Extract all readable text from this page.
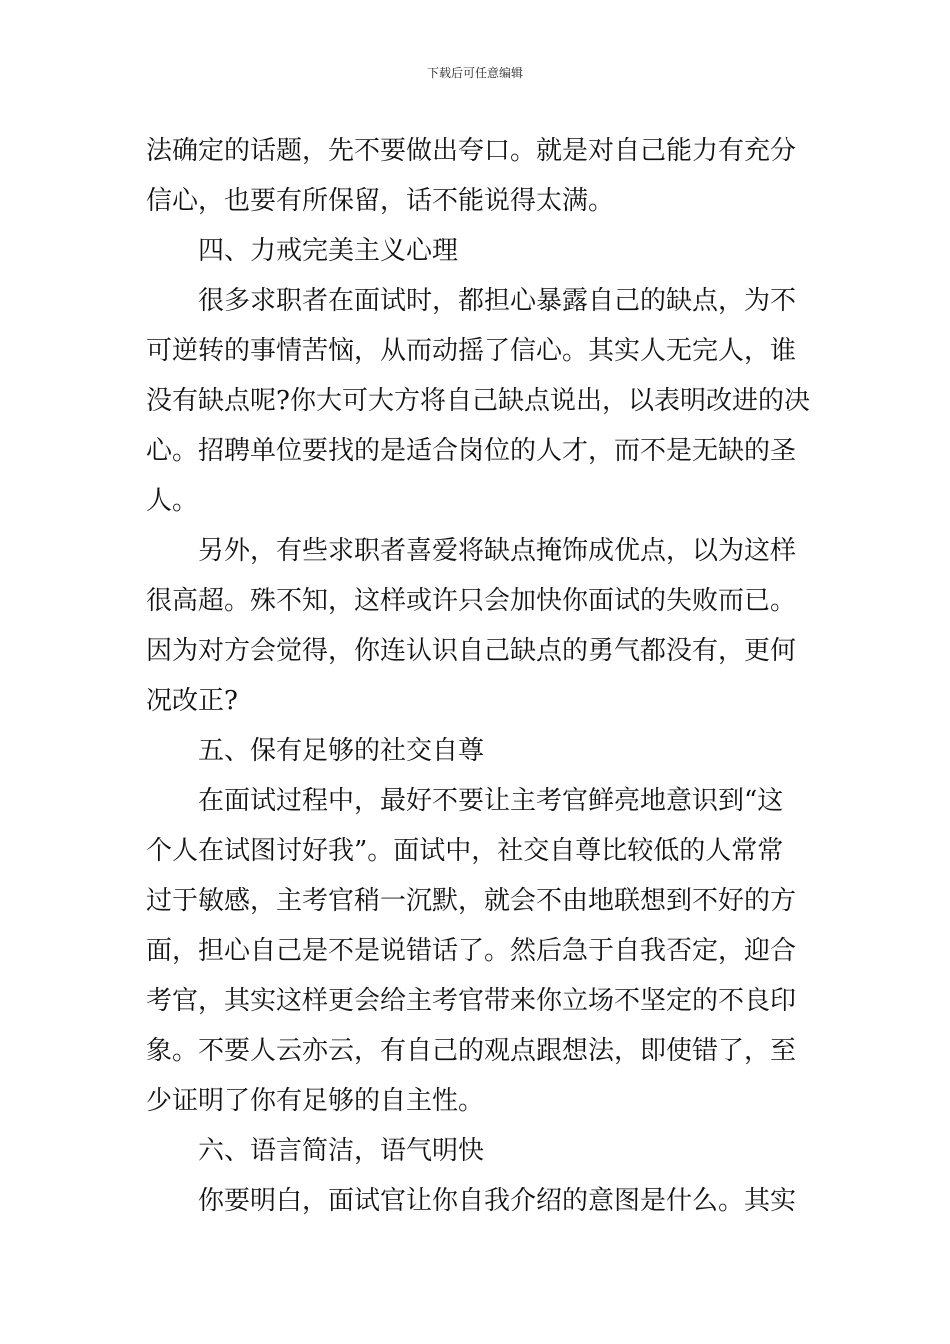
下载后可任意编辑
法确定的话题，先不要做出夸口。就是对自己能力有充分
信心，也要有所保留，话不能说得太满。
四、力戒完美主义心理
很多求职者在面试时，都担心暴露自己的缺点，为不
可逆转的事情苦恼，从而动摇了信心。其实人无完人，谁
没有缺点呢?你大可大方将自己缺点说出，以表明改进的决
心。招聘单位要找的是适合岗位的人才，而不是无缺的圣
人。
另外，有些求职者喜爱将缺点掩饰成优点，以为这样
很高超。殊不知，这样或许只会加快你面试的失败而已。
因为对方会觉得，你连认识自己缺点的勇气都没有，更何
况改正?
五、保有足够的社交自尊
在面试过程中，最好不要让主考官鲜亮地意识到“这
个人在试图讨好我”。面试中，社交自尊比较低的人常常
过于敏感，主考官稍一沉默，就会不由地联想到不好的方
面，担心自己是不是说错话了。然后急于自我否定，迎合
考官，其实这样更会给主考官带来你立场不坚定的不良印
象。不要人云亦云，有自己的观点跟想法，即使错了，至
少证明了你有足够的自主性。
六、语言简洁，语气明快
你要明白，面试官让你自我介绍的意图是什么。其实
